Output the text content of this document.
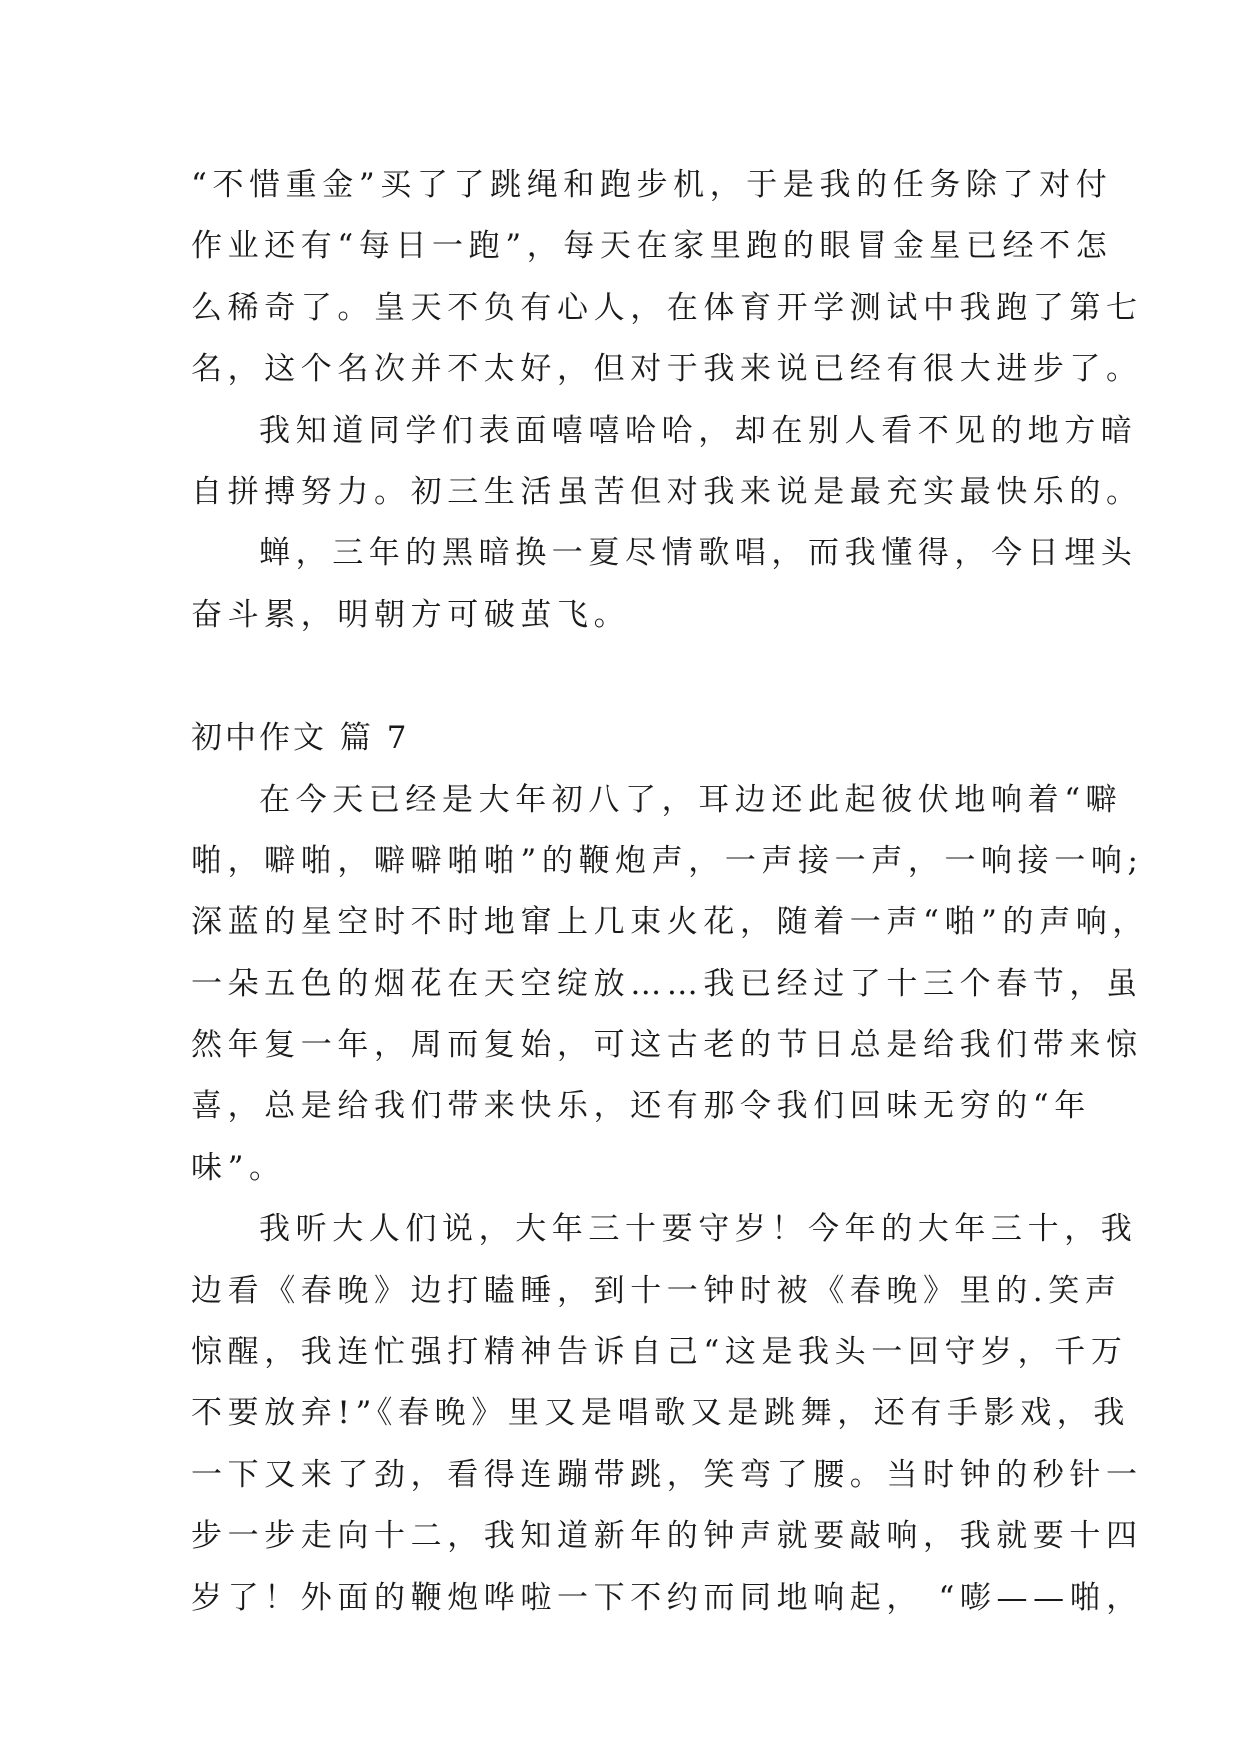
“不惜重金”买了了跳绳和跑步机，于是我的任务除了对付
作业还有“每日一跑”，每天在家里跑的眼冒金星已经不怎
么稀奇了。皇天不负有心人，在体育开学测试中我跑了第七
名，这个名次并不太好，但对于我来说已经有很大进步了。
我知道同学们表面嘻嘻哈哈，却在别人看不见的地方暗
自拼搏努力。初三生活虽苦但对我来说是最充实最快乐的。
蝉，三年的黑暗换一夏尽情歌唱，而我懂得，今日埋头
奋斗累，明朝方可破茧飞。
初中作文 篇 7
在今天已经是大年初八了，耳边还此起彼伏地响着“噼
啪，噼啪，噼噼啪啪”的鞭炮声，一声接一声，一响接一响;
深蓝的星空时不时地窜上几束火花，随着一声“啪”的声响，
一朵五色的烟花在天空绽放……我已经过了十三个春节，虽
然年复一年，周而复始，可这古老的节日总是给我们带来惊
喜，总是给我们带来快乐，还有那令我们回味无穷的“年
味”。
我听大人们说，大年三十要守岁！今年的大年三十，我
边看《春晚》边打瞌睡，到十一钟时被《春晚》里的.笑声
惊醒，我连忙强打精神告诉自己“这是我头一回守岁，千万
不要放弃!”《春晚》里又是唱歌又是跳舞，还有手影戏，我
一下又来了劲，看得连蹦带跳，笑弯了腰。当时钟的秒针一
步一步走向十二，我知道新年的钟声就要敲响，我就要十四
岁了！外面的鞭炮哗啦一下不约而同地响起， “嘭——啪，
